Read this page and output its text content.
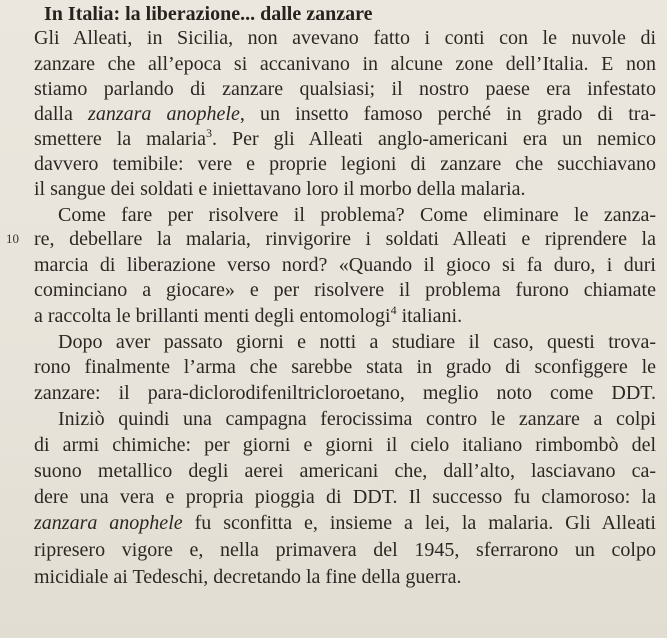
In Italia: la liberazione... dalle zanzare
Gli Alleati, in Sicilia, non avevano fatto i conti con le nuvole di
zanzare che all’epoca si accanivano in alcune zone dell’Italia. E non
stiamo parlando di zanzare qualsiasi; il nostro paese era infestato
dalla zanzara anophele, un insetto famoso perché in grado di tra-
smettere la malaria$^3$. Per gli Alleati anglo-americani era un nemico
davvero temibile: vere e proprie legioni di zanzare che succhiavano
il sangue dei soldati e iniettavano loro il morbo della malaria.
Come fare per risolvere il problema? Come eliminare le zanza-
10 re, debellare la malaria, rinvigorire i soldati Alleati e riprendere la
marcia di liberazione verso nord? «Quando il gioco si fa duro, i duri
cominciano a giocare» e per risolvere il problema furono chiamate
a raccolta le brillanti menti degli entomologi$^4$ italiani.
Dopo aver passato giorni e notti a studiare il caso, questi trova-
rono finalmente l’arma che sarebbe stata in grado di sconfiggere le
zanzare: il para-diclorodifeniltricloroetano, meglio noto come DDT.
Iniziò quindi una campagna ferocissima contro le zanzare a colpi
di armi chimiche: per giorni e giorni il cielo italiano rimbombò del
suono metallico degli aerei americani che, dall’alto, lasciavano ca-
dere una vera e propria pioggia di DDT. Il successo fu clamoroso: la
zanzara anophele fu sconfitta e, insieme a lei, la malaria. Gli Alleati
ripresero vigore e, nella primavera del 1945, sferrarono un colpo
micidiale ai Tedeschi, decretando la fine della guerra.
